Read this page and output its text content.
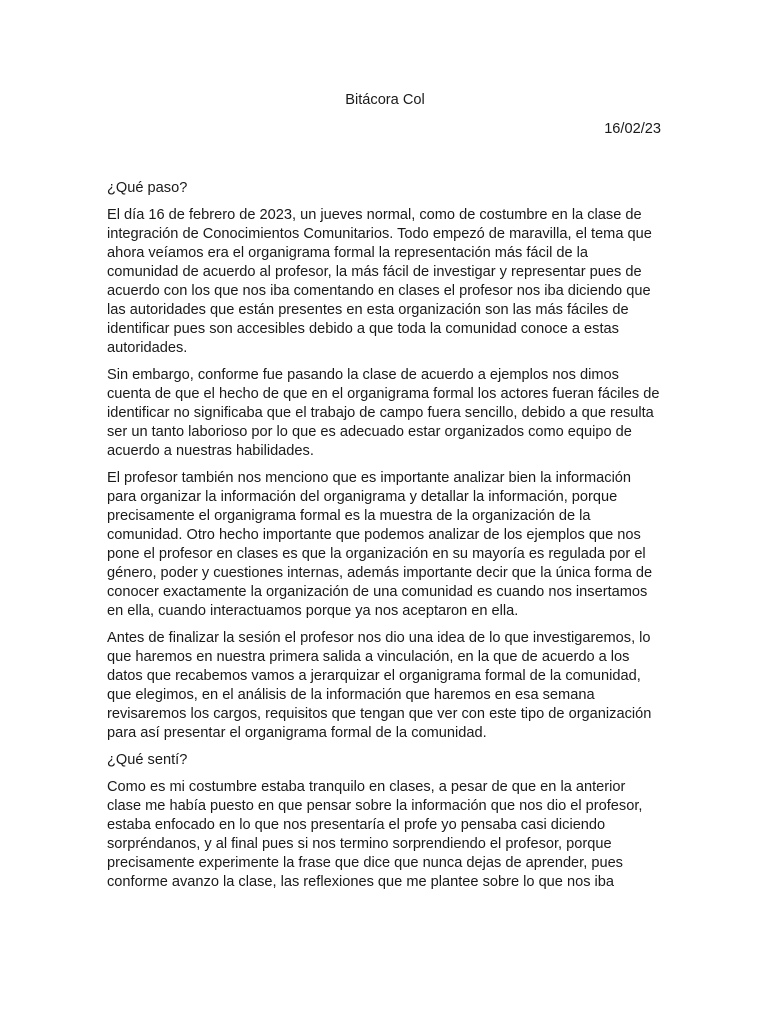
Bitácora Col

16/02/23

¿Qué paso?

El día 16 de febrero de 2023, un jueves normal, como de costumbre en la clase de integración de Conocimientos Comunitarios. Todo empezó de maravilla, el tema que ahora veíamos era el organigrama formal la representación más fácil de la comunidad de acuerdo al profesor, la más fácil de investigar y representar pues de acuerdo con los que nos iba comentando en clases el profesor nos iba diciendo que las autoridades que están presentes en esta organización son las más fáciles de identificar pues son accesibles debido a que toda la comunidad conoce a estas autoridades.

Sin embargo, conforme fue pasando la clase de acuerdo a ejemplos nos dimos cuenta de que el hecho de que en el organigrama formal los actores fueran fáciles de identificar no significaba que el trabajo de campo fuera sencillo, debido a que resulta ser un tanto laborioso por lo que es adecuado estar organizados como equipo de acuerdo a nuestras habilidades.

El profesor también nos menciono que es importante analizar bien la información para organizar la información del organigrama y detallar la información, porque precisamente el organigrama formal es la muestra de la organización de la comunidad. Otro hecho importante que podemos analizar de los ejemplos que nos pone el profesor en clases es que la organización en su mayoría es regulada por el género, poder y cuestiones internas, además importante decir que la única forma de conocer exactamente la organización de una comunidad es cuando nos insertamos en ella, cuando interactuamos porque ya nos aceptaron en ella.

Antes de finalizar la sesión el profesor nos dio una idea de lo que investigaremos, lo que haremos en nuestra primera salida a vinculación, en la que de acuerdo a los datos que recabemos vamos a jerarquizar el organigrama formal de la comunidad, que elegimos, en el análisis de la información que haremos en esa semana revisaremos los cargos, requisitos que tengan que ver con este tipo de organización para así presentar el organigrama formal de la comunidad.

¿Qué sentí?

Como es mi costumbre estaba tranquilo en clases, a pesar de que en la anterior clase me había puesto en que pensar sobre la información que nos dio el profesor, estaba enfocado en lo que nos presentaría el profe yo pensaba casi diciendo sorpréndanos, y al final pues si nos termino sorprendiendo el profesor, porque precisamente experimente la frase que dice que nunca dejas de aprender, pues conforme avanzo la clase, las reflexiones que me plantee sobre lo que nos iba
